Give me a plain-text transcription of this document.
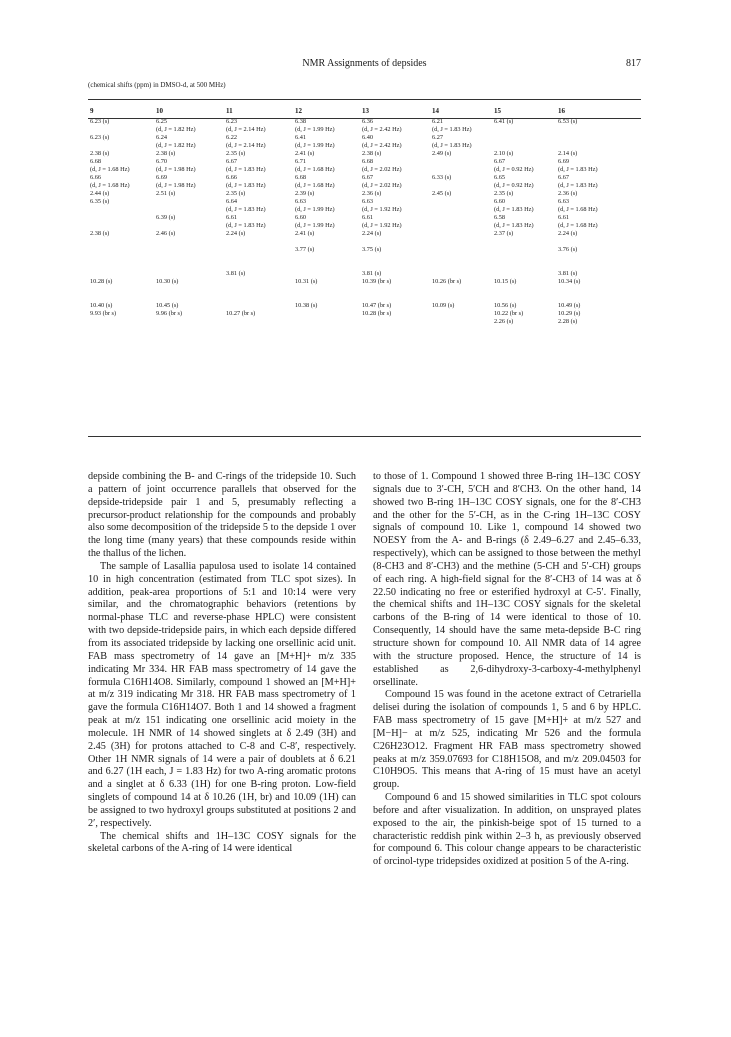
NMR Assignments of depsides	817
(chemical shifts (ppm) in DMSO-d, at 500 MHz)
9	10	11	12	13	14	15	16
6.23 (s)	6.25	6.23	6.38	6.36	6.21	6.41 (s)	6.53 (s)
	(d, J = 1.82 Hz)	(d, J = 2.14 Hz)	(d, J = 1.99 Hz)	(d, J = 2.42 Hz)	(d, J = 1.83 Hz)		
6.23 (s)	6.24	6.22	6.41	6.40	6.27		
	(d, J = 1.82 Hz)	(d, J = 2.14 Hz)	(d, J = 1.99 Hz)	(d, J = 2.42 Hz)	(d, J = 1.83 Hz)		
2.38 (s)	2.38 (s)	2.35 (s)	2.41 (s)	2.38 (s)	2.49 (s)	2.10 (s)	2.14 (s)
6.68	6.70	6.67	6.71	6.68		6.67	6.69
(d, J = 1.68 Hz)	(d, J = 1.98 Hz)	(d, J = 1.83 Hz)	(d, J = 1.68 Hz)	(d, J = 2.02 Hz)		(d, J = 0.92 Hz)	(d, J = 1.83 Hz)
6.66	6.69	6.66	6.68	6.67	6.33 (s)	6.65	6.67
(d, J = 1.68 Hz)	(d, J = 1.98 Hz)	(d, J = 1.83 Hz)	(d, J = 1.68 Hz)	(d, J = 2.02 Hz)		(d, J = 0.92 Hz)	(d, J = 1.83 Hz)
2.44 (s)	2.51 (s)	2.35 (s)	2.39 (s)	2.36 (s)	2.45 (s)	2.35 (s)	2.36 (s)
6.35 (s)		6.64	6.63	6.63		6.60	6.63
		(d, J = 1.83 Hz)	(d, J = 1.99 Hz)	(d, J = 1.92 Hz)		(d, J = 1.83 Hz)	(d, J = 1.68 Hz)
	6.39 (s)	6.61	6.60	6.61		6.58	6.61
		(d, J = 1.83 Hz)	(d, J = 1.99 Hz)	(d, J = 1.92 Hz)		(d, J = 1.83 Hz)	(d, J = 1.68 Hz)
2.38 (s)	2.46 (s)	2.24 (s)	2.41 (s)	2.24 (s)		2.37 (s)	2.24 (s)

			3.77 (s)	3.75 (s)			3.76 (s)

		3.81 (s)		3.81 (s)			3.81 (s)
10.28 (s)	10.30 (s)		10.31 (s)	10.39 (br s)	10.26 (br s)	10.15 (s)	10.34 (s)

10.40 (s)	10.45 (s)		10.38 (s)	10.47 (br s)	10.09 (s)	10.56 (s)	10.49 (s)
9.93 (br s)	9.96 (br s)	10.27 (br s)		10.28 (br s)		10.22 (br s)	10.29 (s)
						2.26 (s)	2.28 (s)

depside combining the B- and C-rings of the tridepside 10. Such a pattern of joint occurrence parallels that observed for the depside-tridepside pair 1 and 5, presumably reflecting a precursor-product relationship for the compounds and probably also some decomposition of the tridepside 5 to the depside 1 over the long time (many years) that these compounds reside within the thallus of the lichen.

The sample of Lasallia papulosa used to isolate 14 contained 10 in high concentration (estimated from TLC spot sizes). In addition, peak-area proportions of 5:1 and 10:14 were very similar, and the chromatographic behaviors (retentions by normal-phase TLC and reverse-phase HPLC) were consistent with two depside-tridepside pairs, in which each depside differed from its associated tridepside by lacking one orsellinic acid unit. FAB mass spectrometry of 14 gave an [M+H]+ m/z 335 indicating Mr 334. HR FAB mass spectrometry of 14 gave the formula C16H14O8. Similarly, compound 1 showed an [M+H]+ at m/z 319 indicating Mr 318. HR FAB mass spectrometry of 1 gave the formula C16H14O7. Both 1 and 14 showed a fragment peak at m/z 151 indicating one orsellinic acid moiety in the molecule. 1H NMR of 14 showed singlets at δ 2.49 (3H) and 2.45 (3H) for protons attached to C-8 and C-8′, respectively. Other 1H NMR signals of 14 were a pair of doublets at δ 6.21 and 6.27 (1H each, J = 1.83 Hz) for two A-ring aromatic protons and a singlet at δ 6.33 (1H) for one B-ring proton. Low-field singlets of compound 14 at δ 10.26 (1H, br) and 10.09 (1H) can be assigned to two hydroxyl groups substituted at positions 2 and 2′, respectively.

The chemical shifts and 1H–13C COSY signals for the skeletal carbons of the A-ring of 14 were identical

to those of 1. Compound 1 showed three B-ring 1H–13C COSY signals due to 3′-CH, 5′CH and 8′CH3. On the other hand, 14 showed two B-ring 1H–13C COSY signals, one for the 8′-CH3 and the other for the 5′-CH, as in the C-ring 1H–13C COSY signals of compound 10. Like 1, compound 14 showed two NOESY from the A- and B-rings (δ 2.49–6.27 and 2.45–6.33, respectively), which can be assigned to those between the methyl (8-CH3 and 8′-CH3) and the methine (5-CH and 5′-CH) groups of each ring. A high-field signal for the 8′-CH3 of 14 was at δ 22.50 indicating no free or esterified hydroxyl at C-5′. Finally, the chemical shifts and 1H–13C COSY signals for the skeletal carbons of the B-ring of 14 were identical to those of 10. Consequently, 14 should have the same meta-depside B-C ring structure shown for compound 10. All NMR data of 14 agree with the structure proposed. Hence, the structure of 14 is established as 2,6-dihydroxy-3-carboxy-4-methylphenyl orsellinate.

Compound 15 was found in the acetone extract of Cetrariella delisei during the isolation of compounds 1, 5 and 6 by HPLC. FAB mass spectrometry of 15 gave [M+H]+ at m/z 527 and [M−H]− at m/z 525, indicating Mr 526 and the formula C26H23O12. Fragment HR FAB mass spectrometry showed peaks at m/z 359.07693 for C18H15O8, and m/z 209.04503 for C10H9O5. This means that A-ring of 15 must have an acetyl group.

Compound 6 and 15 showed similarities in TLC spot colours before and after visualization. In addition, on unsprayed plates exposed to the air, the pinkish-beige spot of 15 turned to a characteristic reddish pink within 2–3 h, as previously observed for compound 6. This colour change appears to be characteristic of orcinol-type tridepsides oxidized at position 5 of the A-ring.
